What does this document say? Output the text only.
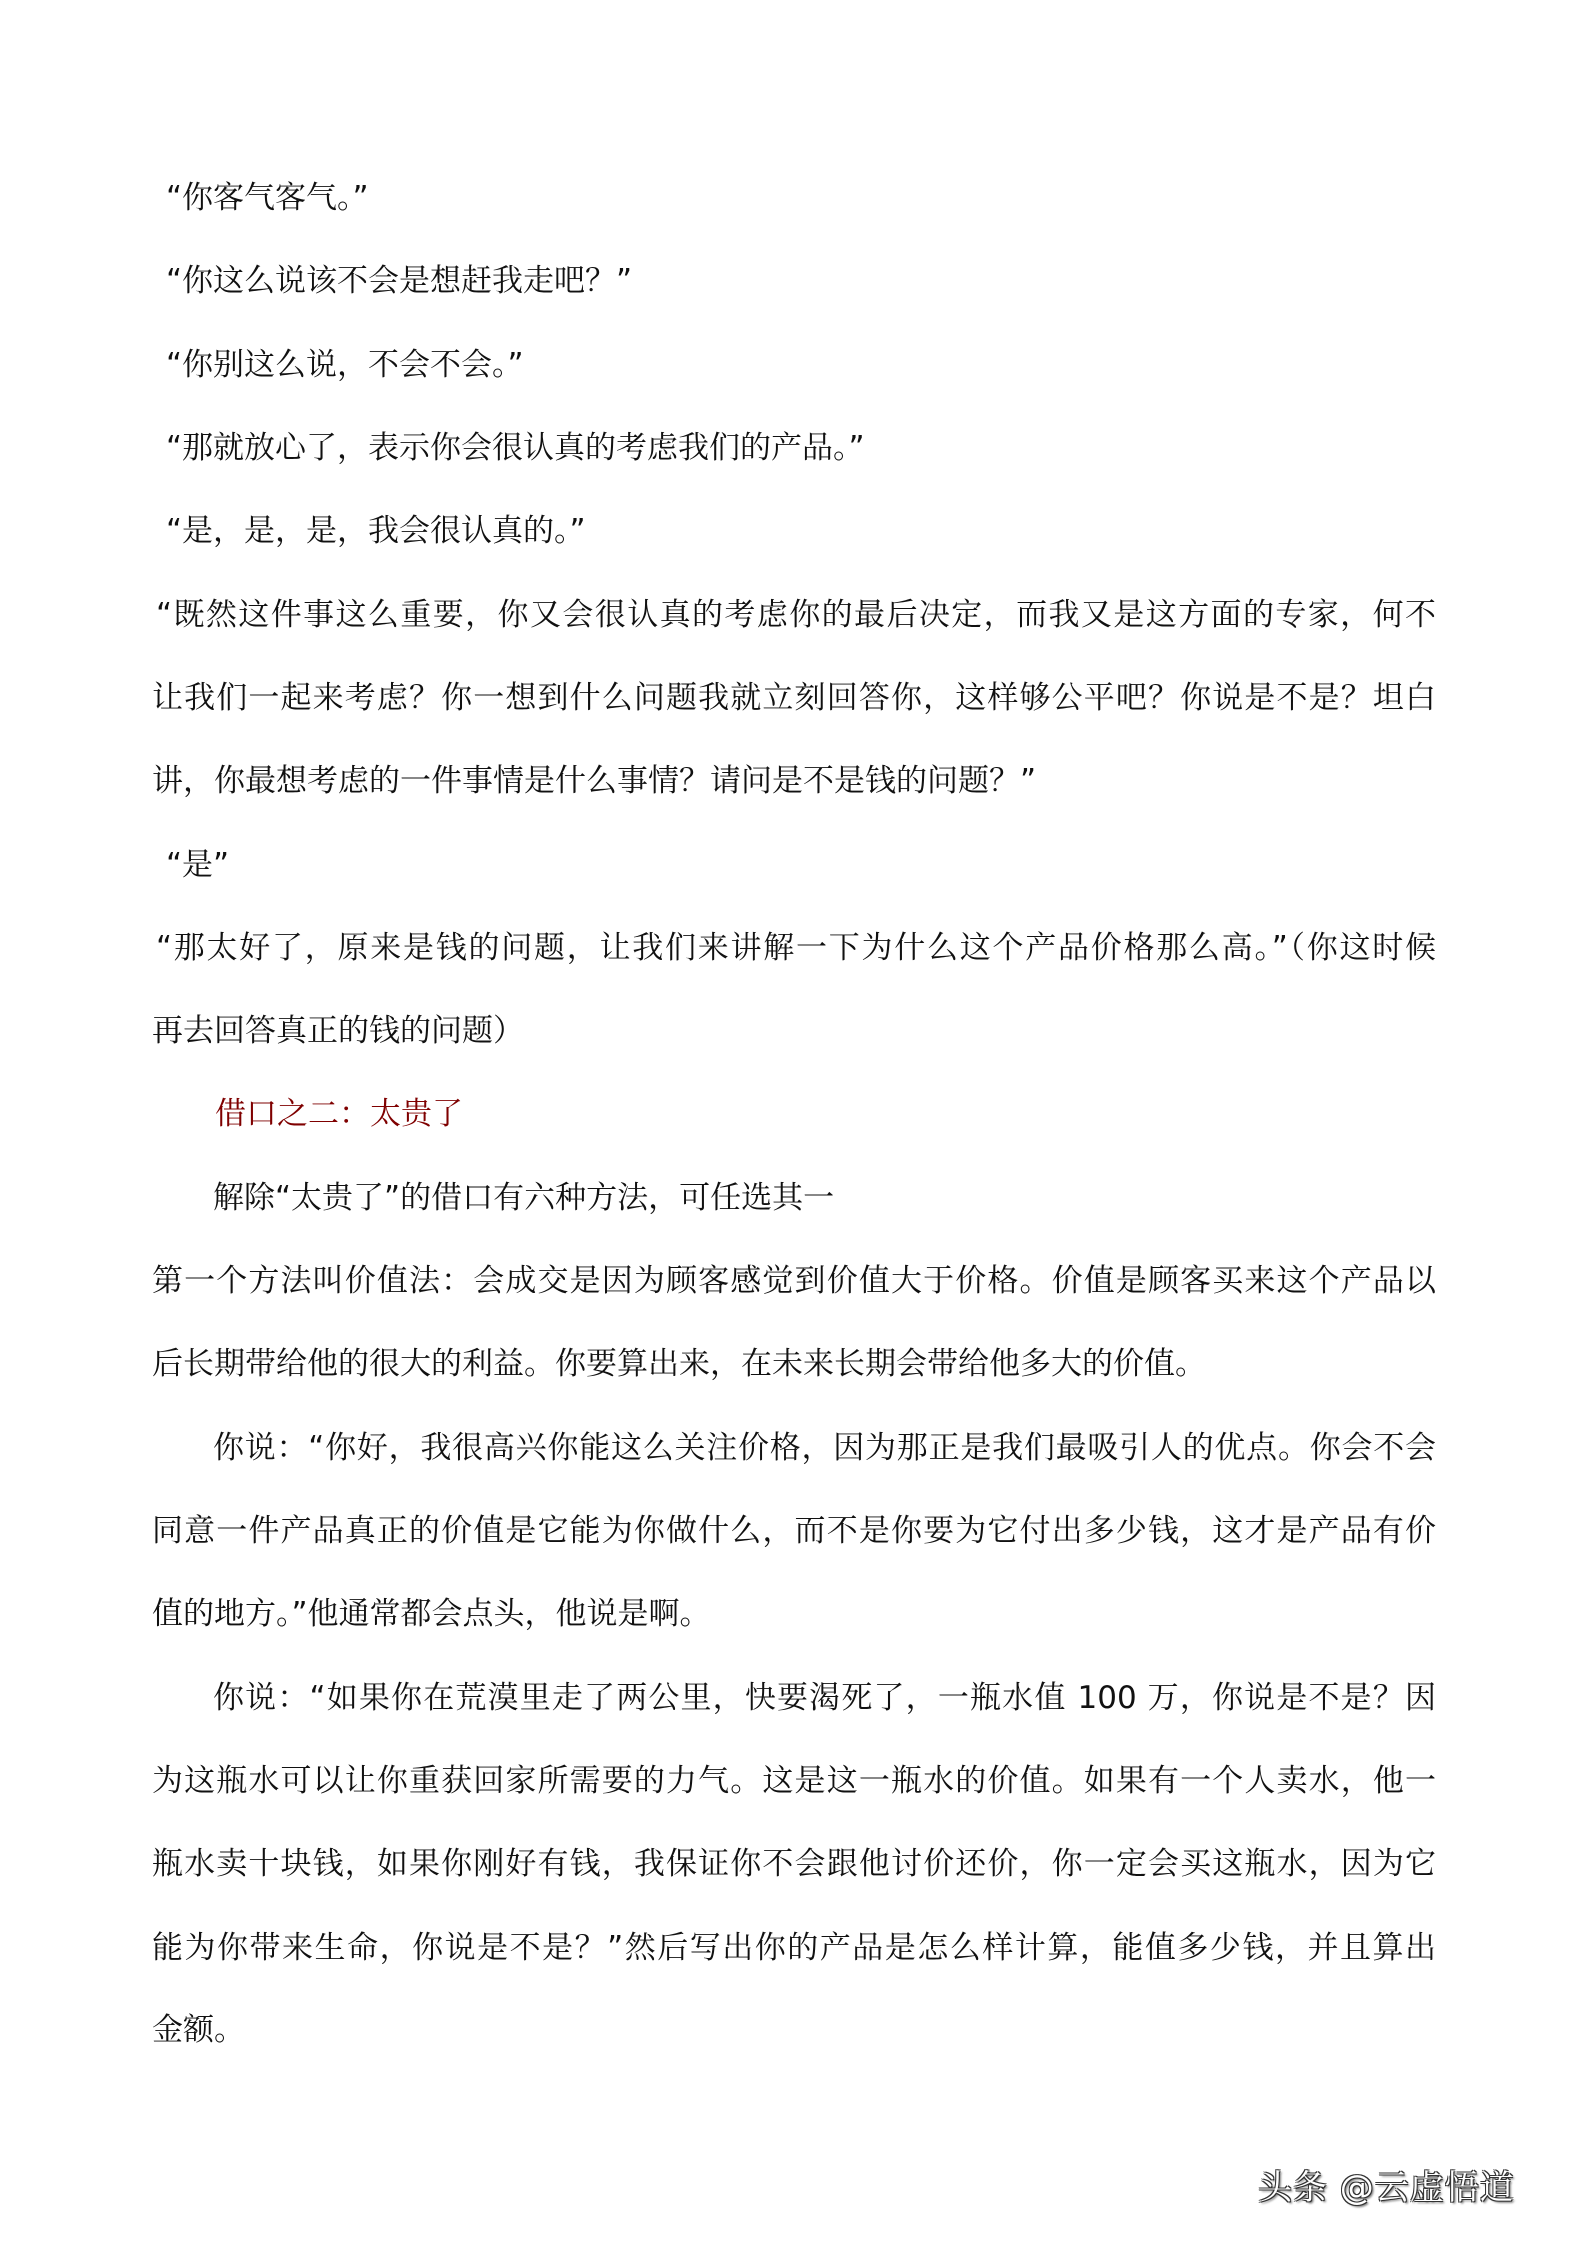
“你客气客气。”
“你这么说该不会是想赶我走吧？”
“你别这么说，不会不会。”
“那就放心了，表示你会很认真的考虑我们的产品。”
“是，是，是，我会很认真的。”
“既然这件事这么重要，你又会很认真的考虑你的最后决定，而我又是这方面的专家，何不
让我们一起来考虑？你一想到什么问题我就立刻回答你，这样够公平吧？你说是不是？坦白
讲，你最想考虑的一件事情是什么事情？请问是不是钱的问题？”
“是”
“那太好了，原来是钱的问题，让我们来讲解一下为什么这个产品价格那么高。”（你这时候
再去回答真正的钱的问题）
借口之二：太贵了
解除“太贵了”的借口有六种方法，可任选其一
第一个方法叫价值法：会成交是因为顾客感觉到价值大于价格。价值是顾客买来这个产品以
后长期带给他的很大的利益。你要算出来，在未来长期会带给他多大的价值。
你说：“你好，我很高兴你能这么关注价格，因为那正是我们最吸引人的优点。你会不会
同意一件产品真正的价值是它能为你做什么，而不是你要为它付出多少钱，这才是产品有价
值的地方。”他通常都会点头，他说是啊。
你说：“如果你在荒漠里走了两公里，快要渴死了，一瓶水值 100 万，你说是不是？因
为这瓶水可以让你重获回家所需要的力气。这是这一瓶水的价值。如果有一个人卖水，他一
瓶水卖十块钱，如果你刚好有钱，我保证你不会跟他讨价还价，你一定会买这瓶水，因为它
能为你带来生命，你说是不是？”然后写出你的产品是怎么样计算，能值多少钱，并且算出
金额。
头条 @云虚悟道
